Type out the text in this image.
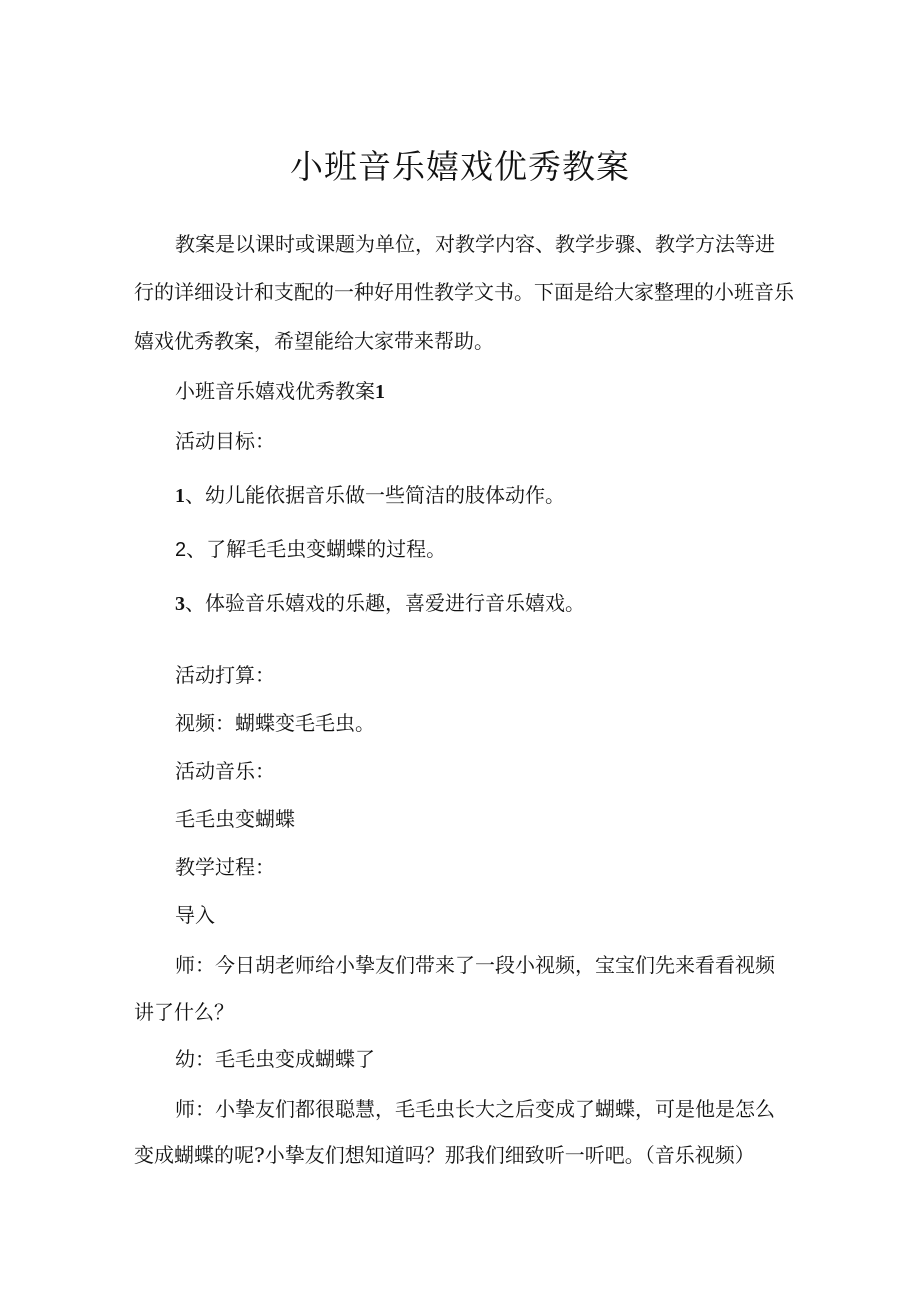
小班音乐嬉戏优秀教案

教案是以课时或课题为单位，对教学内容、教学步骤、教学方法等进

行的详细设计和支配的一种好用性教学文书。下面是给大家整理的小班音乐

嬉戏优秀教案，希望能给大家带来帮助。

小班音乐嬉戏优秀教案1

活动目标：

1、幼儿能依据音乐做一些简洁的肢体动作。

2、了解毛毛虫变蝴蝶的过程。

3、体验音乐嬉戏的乐趣，喜爱进行音乐嬉戏。

活动打算：

视频：蝴蝶变毛毛虫。

活动音乐：

毛毛虫变蝴蝶

教学过程：

导入

师：今日胡老师给小挚友们带来了一段小视频，宝宝们先来看看视频

讲了什么？

幼：毛毛虫变成蝴蝶了

师：小挚友们都很聪慧，毛毛虫长大之后变成了蝴蝶，可是他是怎么

变成蝴蝶的呢?小挚友们想知道吗？那我们细致听一听吧。（音乐视频）
